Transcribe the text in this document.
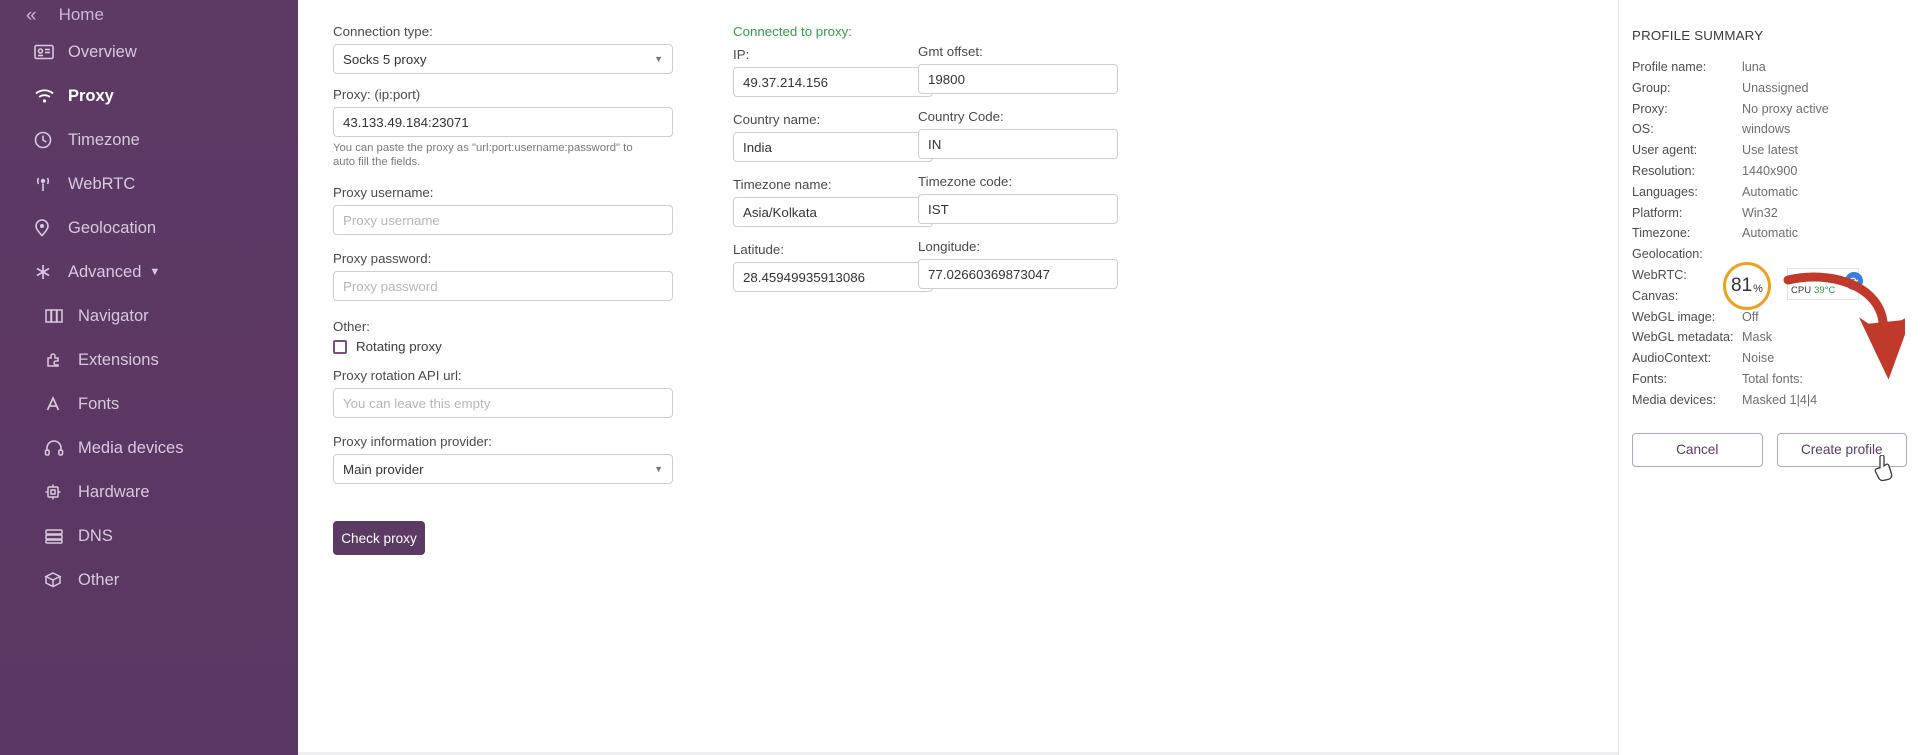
« Home
Overview
Proxy
Timezone
WebRTC
Geolocation
Advanced ▼
Navigator
Extensions
Fonts
Media devices
Hardware
DNS
Other
Connection type:
Socks 5 proxy	▼
Proxy: (ip:port)
43.133.49.184:23071
You can paste the proxy as "url:port:username:password" to auto fill the fields.
Proxy username:
Proxy username
Proxy password:
Proxy password
Other:
Rotating proxy
Proxy rotation API url:
You can leave this empty
Proxy information provider:
Main provider	▼
Check proxy
Connected to proxy:
IP:
49.37.214.156
Country name:
India
Timezone name:
Asia/Kolkata
Latitude:
28.45949935913086
Gmt offset:
19800
Country Code:
IN
Timezone code:
IST
Longitude:
77.02660369873047
PROFILE SUMMARY
Profile name:	luna
Group:	Unassigned
Proxy:	No proxy active
OS:	windows
User agent:	Use latest
Resolution:	1440x900
Languages:	Automatic
Platform:	Win32
Timezone:	Automatic
Geolocation:
WebRTC:
Canvas:
WebGL image:	Off
WebGL metadata: Mask
AudioContext:	Noise
Fonts:	Total fonts:
Media devices:	Masked 1|4|4
Cancel	Create profile
81 %
↓ 0K/s
CPU 39°C
⟳
